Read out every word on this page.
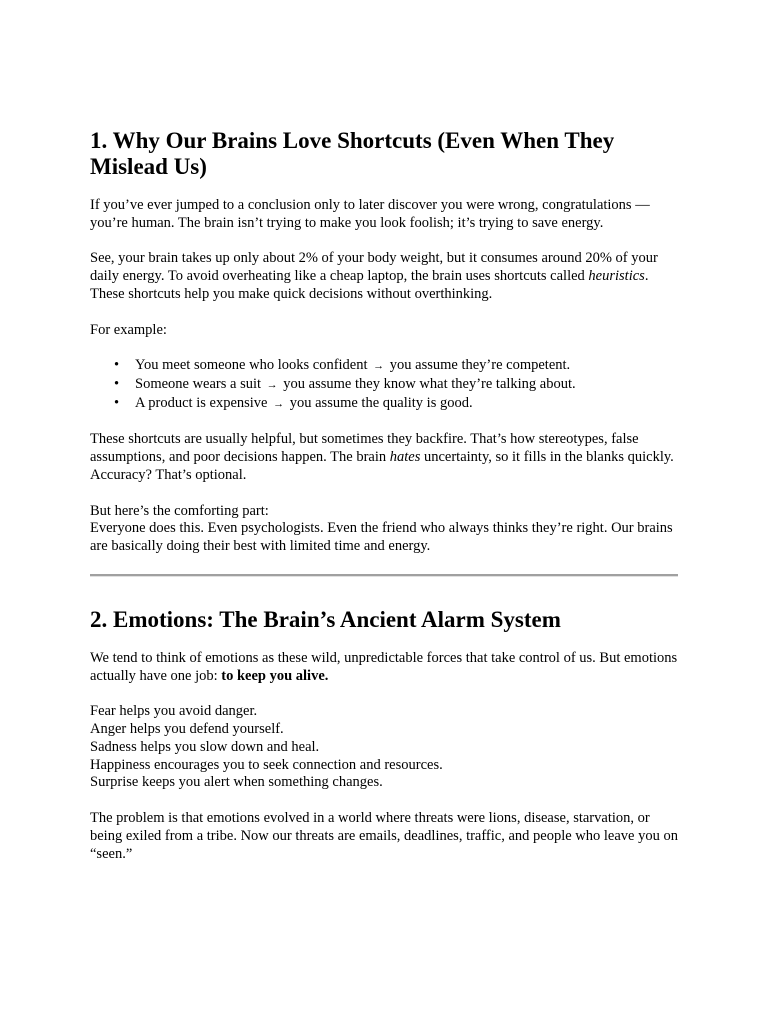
1. Why Our Brains Love Shortcuts (Even When They Mislead Us)

If you’ve ever jumped to a conclusion only to later discover you were wrong, congratulations — you’re human. The brain isn’t trying to make you look foolish; it’s trying to save energy.

See, your brain takes up only about 2% of your body weight, but it consumes around 20% of your daily energy. To avoid overheating like a cheap laptop, the brain uses shortcuts called heuristics. These shortcuts help you make quick decisions without overthinking.

For example:

• You meet someone who looks confident → you assume they’re competent.
• Someone wears a suit → you assume they know what they’re talking about.
• A product is expensive → you assume the quality is good.

These shortcuts are usually helpful, but sometimes they backfire. That’s how stereotypes, false assumptions, and poor decisions happen. The brain hates uncertainty, so it fills in the blanks quickly. Accuracy? That’s optional.

But here’s the comforting part:
Everyone does this. Even psychologists. Even the friend who always thinks they’re right. Our brains are basically doing their best with limited time and energy.

2. Emotions: The Brain’s Ancient Alarm System

We tend to think of emotions as these wild, unpredictable forces that take control of us. But emotions actually have one job: to keep you alive.

Fear helps you avoid danger.
Anger helps you defend yourself.
Sadness helps you slow down and heal.
Happiness encourages you to seek connection and resources.
Surprise keeps you alert when something changes.

The problem is that emotions evolved in a world where threats were lions, disease, starvation, or being exiled from a tribe. Now our threats are emails, deadlines, traffic, and people who leave you on “seen.”
